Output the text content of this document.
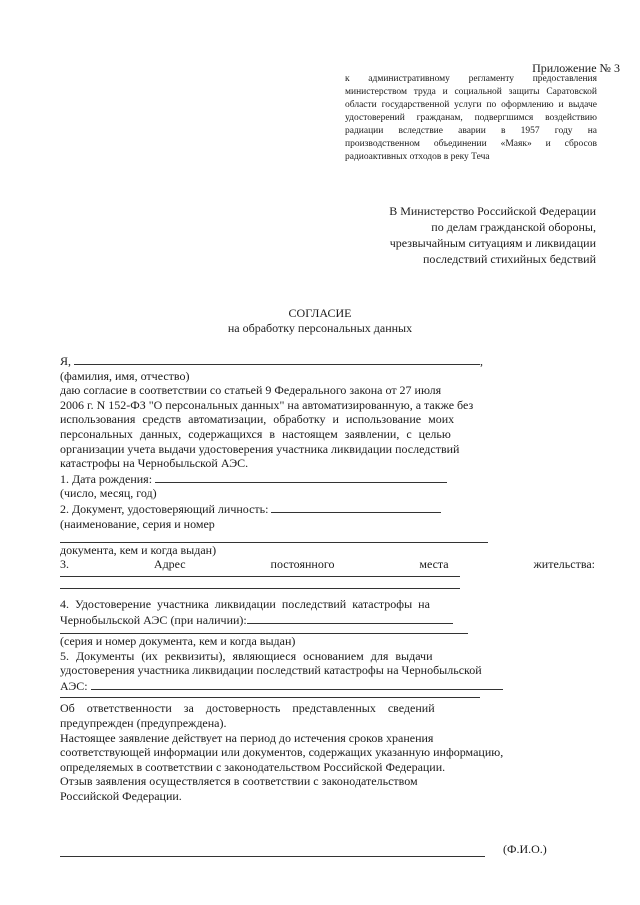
Приложение № 3
к административному регламенту предоставления министерством труда и социальной защиты Саратовской области государственной услуги по оформлению и выдаче удостоверений гражданам, подвергшимся воздействию радиации вследствие аварии в 1957 году на производственном объединении «Маяк» и сбросов радиоактивных отходов в реку Теча
В Министерство Российской Федерации
по делам гражданской обороны,
чрезвычайным ситуациям и ликвидации
последствий стихийных бедствий
СОГЛАСИЕ
на обработку персональных данных
Я,	,
(фамилия, имя, отчество)
даю согласие в соответствии со статьей 9 Федерального закона от 27 июля
2006 г. N 152-ФЗ "О персональных данных" на автоматизированную, а также без
использования средств автоматизации, обработку и использование моих
персональных данных, содержащихся в настоящем заявлении, с целью
организации учета выдачи удостоверения участника ликвидации последствий
катастрофы на Чернобыльской АЭС.
1. Дата рождения:
(число, месяц, год)
2. Документ, удостоверяющий личность:
(наименование, серия и номер
документа, кем и когда выдан)
3.	Адрес	постоянного	места	жительства:
4. Удостоверение участника ликвидации последствий катастрофы на
Чернобыльской АЭС (при наличии):
(серия и номер документа, кем и когда выдан)
5. Документы (их реквизиты), являющиеся основанием для выдачи
удостоверения участника ликвидации последствий катастрофы на Чернобыльской
АЭС:
Об ответственности за достоверность представленных сведений
предупрежден (предупреждена).
Настоящее заявление действует на период до истечения сроков хранения
соответствующей информации или документов, содержащих указанную информацию,
определяемых в соответствии с законодательством Российской Федерации.
Отзыв заявления осуществляется в соответствии с законодательством
Российской Федерации.
(Ф.И.О.)
